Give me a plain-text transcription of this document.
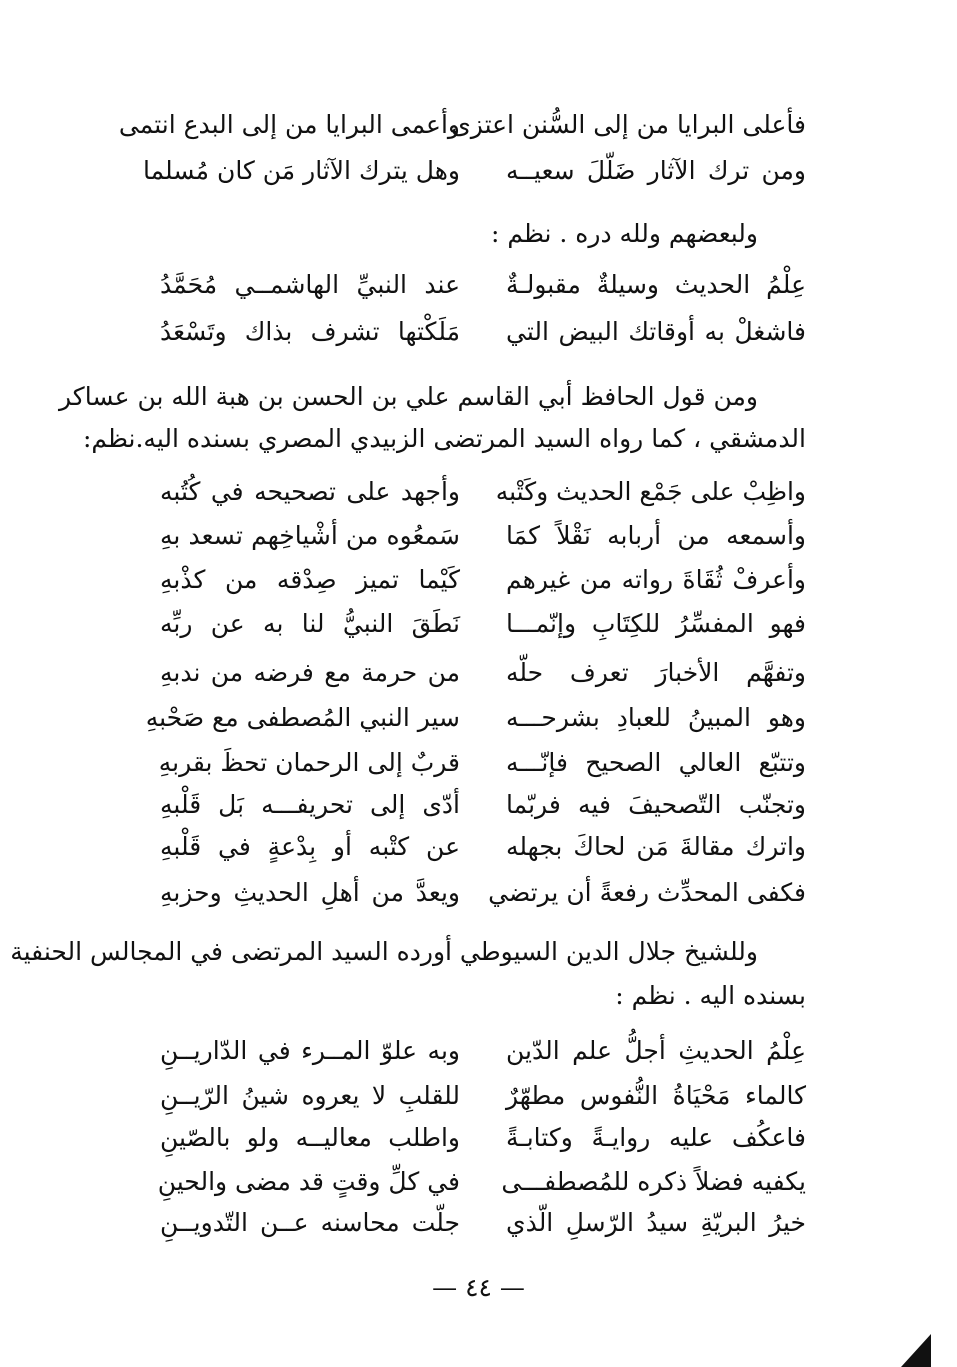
فأعلى البرايا من إلى السُّنن اعتزى
وأعمى البرايا من إلى البدع انتمى
ومن ترك الآثار ضَلّلَ سعيــه
وهل يترك الآثار مَن كان مُسلما
ولبعضهم ولله دره . نظم :
عِلْمُ الحديث وسيلةٌ مقبولـةٌ
عند النبيِّ الهاشمــي مُحَمَّدُ
فاشغلْ به أوقاتك البيض التي
مَلَكْتها تشرف بذاك وتَسْعَدُ
ومن قول الحافظ أبي القاسم علي بن الحسن بن هبة الله بن عساكر
الدمشقي ، كما رواه السيد المرتضى الزبيدي المصري بسنده اليه.نظم:
واظِبْ على جَمْع الحديث وكَتْبه
وأجهد على تصحيحه في كُتُبه
وأسمعه من أربابه نَقْلاً كمَا
سَمعُوه من أشْياخِهم تسعد بهِ
وأعرفْ ثُقَاةَ رواته من غيرهم
كَيْما تميز صِدْقه من كذْبهِ
فهو المفسِّرُ للكِتَابِ وإنّمـــا
نَطَقَ النبيُّ لنا به عن ربِّه
وتفهَّم الأخبارَ تعرف حلّه
من حرمة مع فرضه من ندبهِ
وهو المبينُ للعبادِ بشرحـــه
سير النبي المُصطفى مع صَحْبهِ
وتتبّع العالي الصحيح فإنّـــه
قربٌ إلى الرحمان تحظَ بقربهِ
وتجنّب التّصحيفَ فيه فربّما
أدّى إلى تحريفـــه بَل قَلْبهِ
واترك مقالةَ مَن لحاكَ بجهله
عن كتْبه أو بِدْعةٍ في قَلْبهِ
فكفى المحدِّث رفعةً أن يرتضي
ويعدَّ من أهلِ الحديثِ وحزبهِ
وللشيخ جلال الدين السيوطي أورده السيد المرتضى في المجالس الحنفية
بسنده اليه . نظم :
عِلْمُ الحديثِ أجلُّ علم الدّين
وبه علوّ المــرء في الدّاريــنِ
كالماء مَحْيَاةُ النُّفوس مطهّرٌ
للقلبِ لا يعروه شينُ الرّيــنِ
فاعكُف عليه روايـةً وكتابـةً
واطلب معاليــه ولو بالصّينِ
يكفيه فضلاً ذكره للمُصطفـــى
في كلِّ وقتٍ قد مضى والحينِ
خيرُ البريّةِ سيدُ الرّسلِ الّذي
جلّت محاسنه عــن التّدويــنِ
— ٤٤ —
